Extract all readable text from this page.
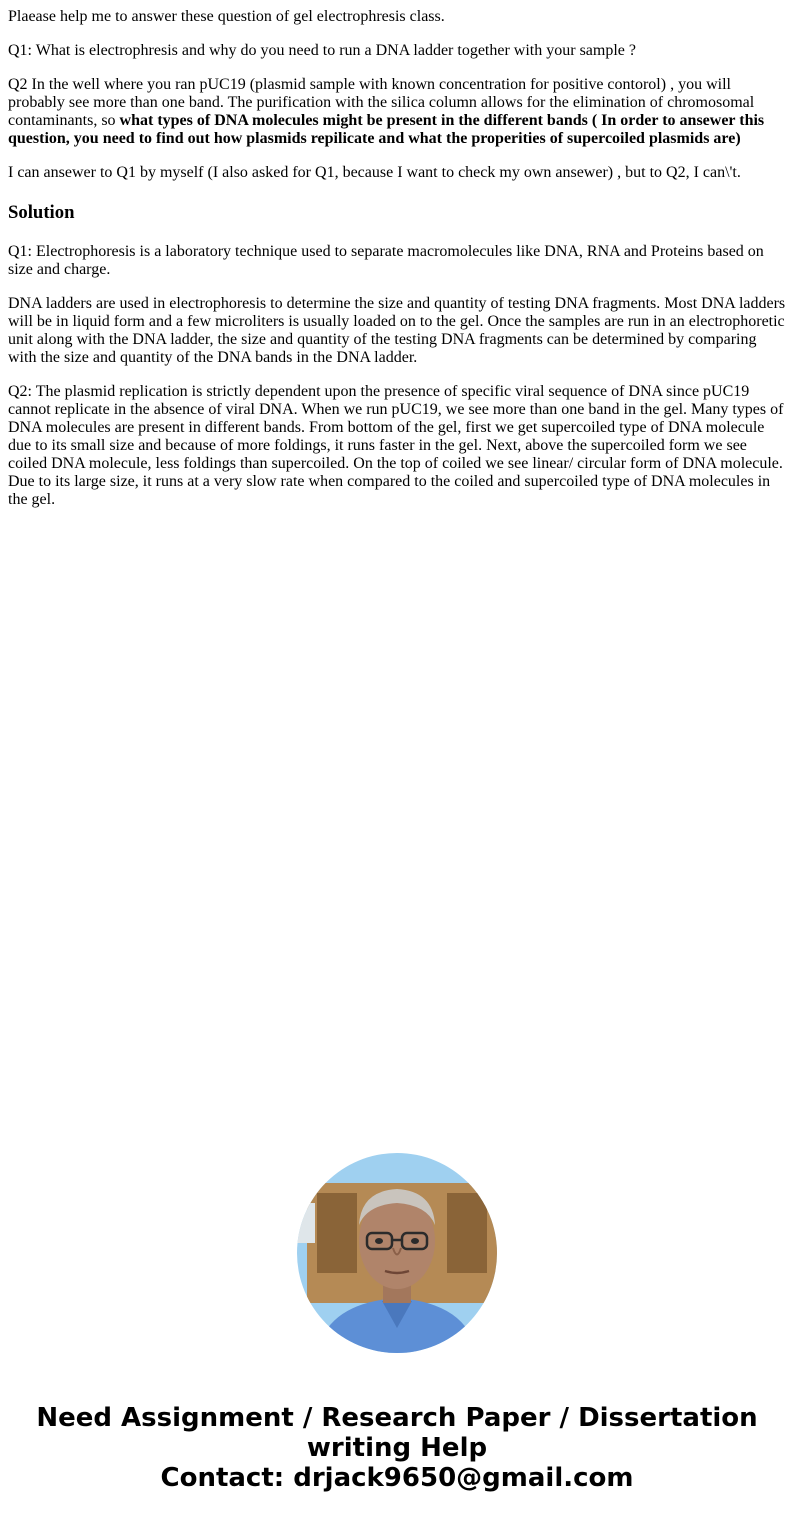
Plaease help me to answer these question of gel electrophresis class.

Q1: What is electrophresis and why do you need to run a DNA ladder together with your sample ?

Q2 In the well where you ran pUC19 (plasmid sample with known concentration for positive contorol) , you will probably see more than one band. The purification with the silica column allows for the elimination of chromosomal contaminants, so what types of DNA molecules might be present in the different bands ( In order to ansewer this question, you need to find out how plasmids repilicate and what the properities of supercoiled plasmids are)

I can ansewer to Q1 by myself (I also asked for Q1, because I want to check my own ansewer) , but to Q2, I can\'t.

Solution

Q1: Electrophoresis is a laboratory technique used to separate macromolecules like DNA, RNA and Proteins based on size and charge.

DNA ladders are used in electrophoresis to determine the size and quantity of testing DNA fragments. Most DNA ladders will be in liquid form and a few microliters is usually loaded on to the gel. Once the samples are run in an electrophoretic unit along with the DNA ladder, the size and quantity of the testing DNA fragments can be determined by comparing with the size and quantity of the DNA bands in the DNA ladder.

Q2: The plasmid replication is strictly dependent upon the presence of specific viral sequence of DNA since pUC19 cannot replicate in the absence of viral DNA. When we run pUC19, we see more than one band in the gel. Many types of DNA molecules are present in different bands. From bottom of the gel, first we get supercoiled type of DNA molecule due to its small size and because of more foldings, it runs faster in the gel. Next, above the supercoiled form we see coiled DNA molecule, less foldings than supercoiled. On the top of coiled we see linear/ circular form of DNA molecule. Due to its large size, it runs at a very slow rate when compared to the coiled and supercoiled type of DNA molecules in the gel.

Need Assignment / Research Paper / Dissertation
writing Help
Contact: drjack9650@gmail.com
